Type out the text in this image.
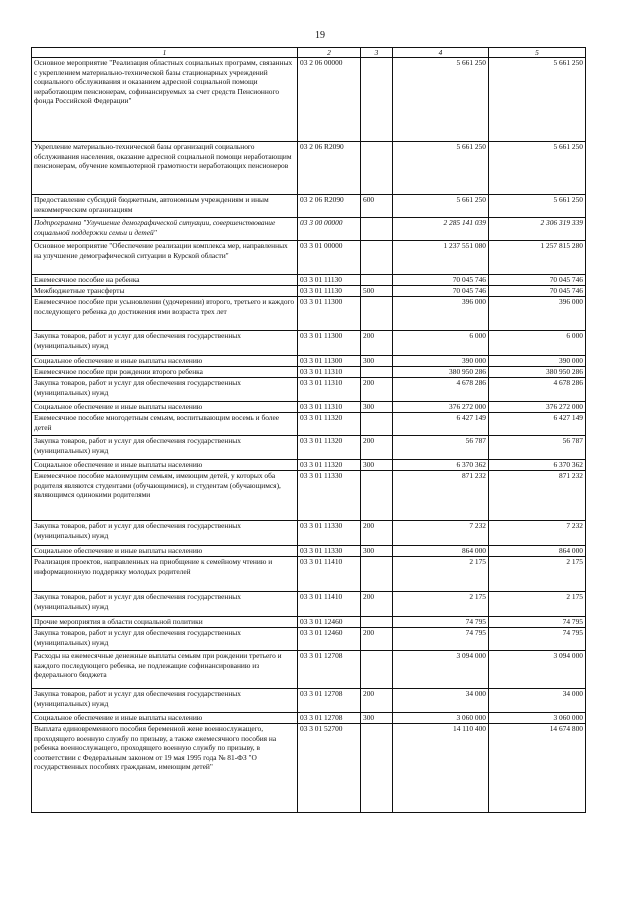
19
1	2	3	4	5
Основное мероприятие "Реализация областных социальных программ, связанных с укреплением материально-технической базы стационарных учреждений социального обслуживания и оказанием адресной социальной помощи неработающим пенсионерам, софинансируемых за счет средств Пенсионного фонда Российской Федерации"	03 2 06 00000		5 661 250	5 661 250
Укрепление материально-технической базы организаций социального обслуживания населения, оказание адресной социальной помощи неработающим пенсионерам, обучение компьютерной грамотности неработающих пенсионеров	03 2 06 R2090		5 661 250	5 661 250
Предоставление субсидий бюджетным, автономным учреждениям и иным некоммерческим организациям	03 2 06 R2090	600	5 661 250	5 661 250
Подпрограмма "Улучшение демографической ситуации, совершенствование социальной поддержки семьи и детей"	03 3 00 00000		2 285 141 039	2 306 319 339
Основное мероприятие "Обеспечение реализации комплекса мер, направленных на улучшение демографической ситуации в Курской области"	03 3 01 00000		1 237 551 080	1 257 815 280
Ежемесячное пособие на ребенка	03 3 01 11130		70 045 746	70 045 746
Межбюджетные трансферты	03 3 01 11130	500	70 045 746	70 045 746
Ежемесячное пособие при усыновлении (удочерении) второго, третьего и каждого последующего ребенка до достижения ими возраста трех лет	03 3 01 11300		396 000	396 000
Закупка товаров, работ и услуг для обеспечения государственных (муниципальных) нужд	03 3 01 11300	200	6 000	6 000
Социальное обеспечение и иные выплаты населению	03 3 01 11300	300	390 000	390 000
Ежемесячное пособие при рождении второго ребенка	03 3 01 11310		380 950 286	380 950 286
Закупка товаров, работ и услуг для обеспечения государственных (муниципальных) нужд	03 3 01 11310	200	4 678 286	4 678 286
Социальное обеспечение и иные выплаты населению	03 3 01 11310	300	376 272 000	376 272 000
Ежемесячное пособие многодетным семьям, воспитывающим восемь и более детей	03 3 01 11320		6 427 149	6 427 149
Закупка товаров, работ и услуг для обеспечения государственных (муниципальных) нужд	03 3 01 11320	200	56 787	56 787
Социальное обеспечение и иные выплаты населению	03 3 01 11320	300	6 370 362	6 370 362
Ежемесячное пособие малоимущим семьям, имеющим детей, у которых оба родителя являются студентами (обучающимися), и студентам (обучающимся), являющимся одинокими родителями	03 3 01 11330		871 232	871 232
Закупка товаров, работ и услуг для обеспечения государственных (муниципальных) нужд	03 3 01 11330	200	7 232	7 232
Социальное обеспечение и иные выплаты населению	03 3 01 11330	300	864 000	864 000
Реализация проектов, направленных на приобщение к семейному чтению и информационную поддержку молодых родителей	03 3 01 11410		2 175	2 175
Закупка товаров, работ и услуг для обеспечения государственных (муниципальных) нужд	03 3 01 11410	200	2 175	2 175
Прочие мероприятия в области социальной политики	03 3 01 12460		74 795	74 795
Закупка товаров, работ и услуг для обеспечения государственных (муниципальных) нужд	03 3 01 12460	200	74 795	74 795
Расходы на ежемесячные денежные выплаты семьям при рождении третьего и каждого последующего ребенка, не подлежащие софинансированию из федерального бюджета	03 3 01 12708		3 094 000	3 094 000
Закупка товаров, работ и услуг для обеспечения государственных (муниципальных) нужд	03 3 01 12708	200	34 000	34 000
Социальное обеспечение и иные выплаты населению	03 3 01 12708	300	3 060 000	3 060 000
Выплата единовременного пособия беременной жене военнослужащего, проходящего военную службу по призыву, а также ежемесячного пособия на ребенка военнослужащего, проходящего военную службу по призыву, в соответствии с Федеральным законом от 19 мая 1995 года № 81-ФЗ "О государственных пособиях гражданам, имеющим детей"	03 3 01 52700		14 110 400	14 674 800
